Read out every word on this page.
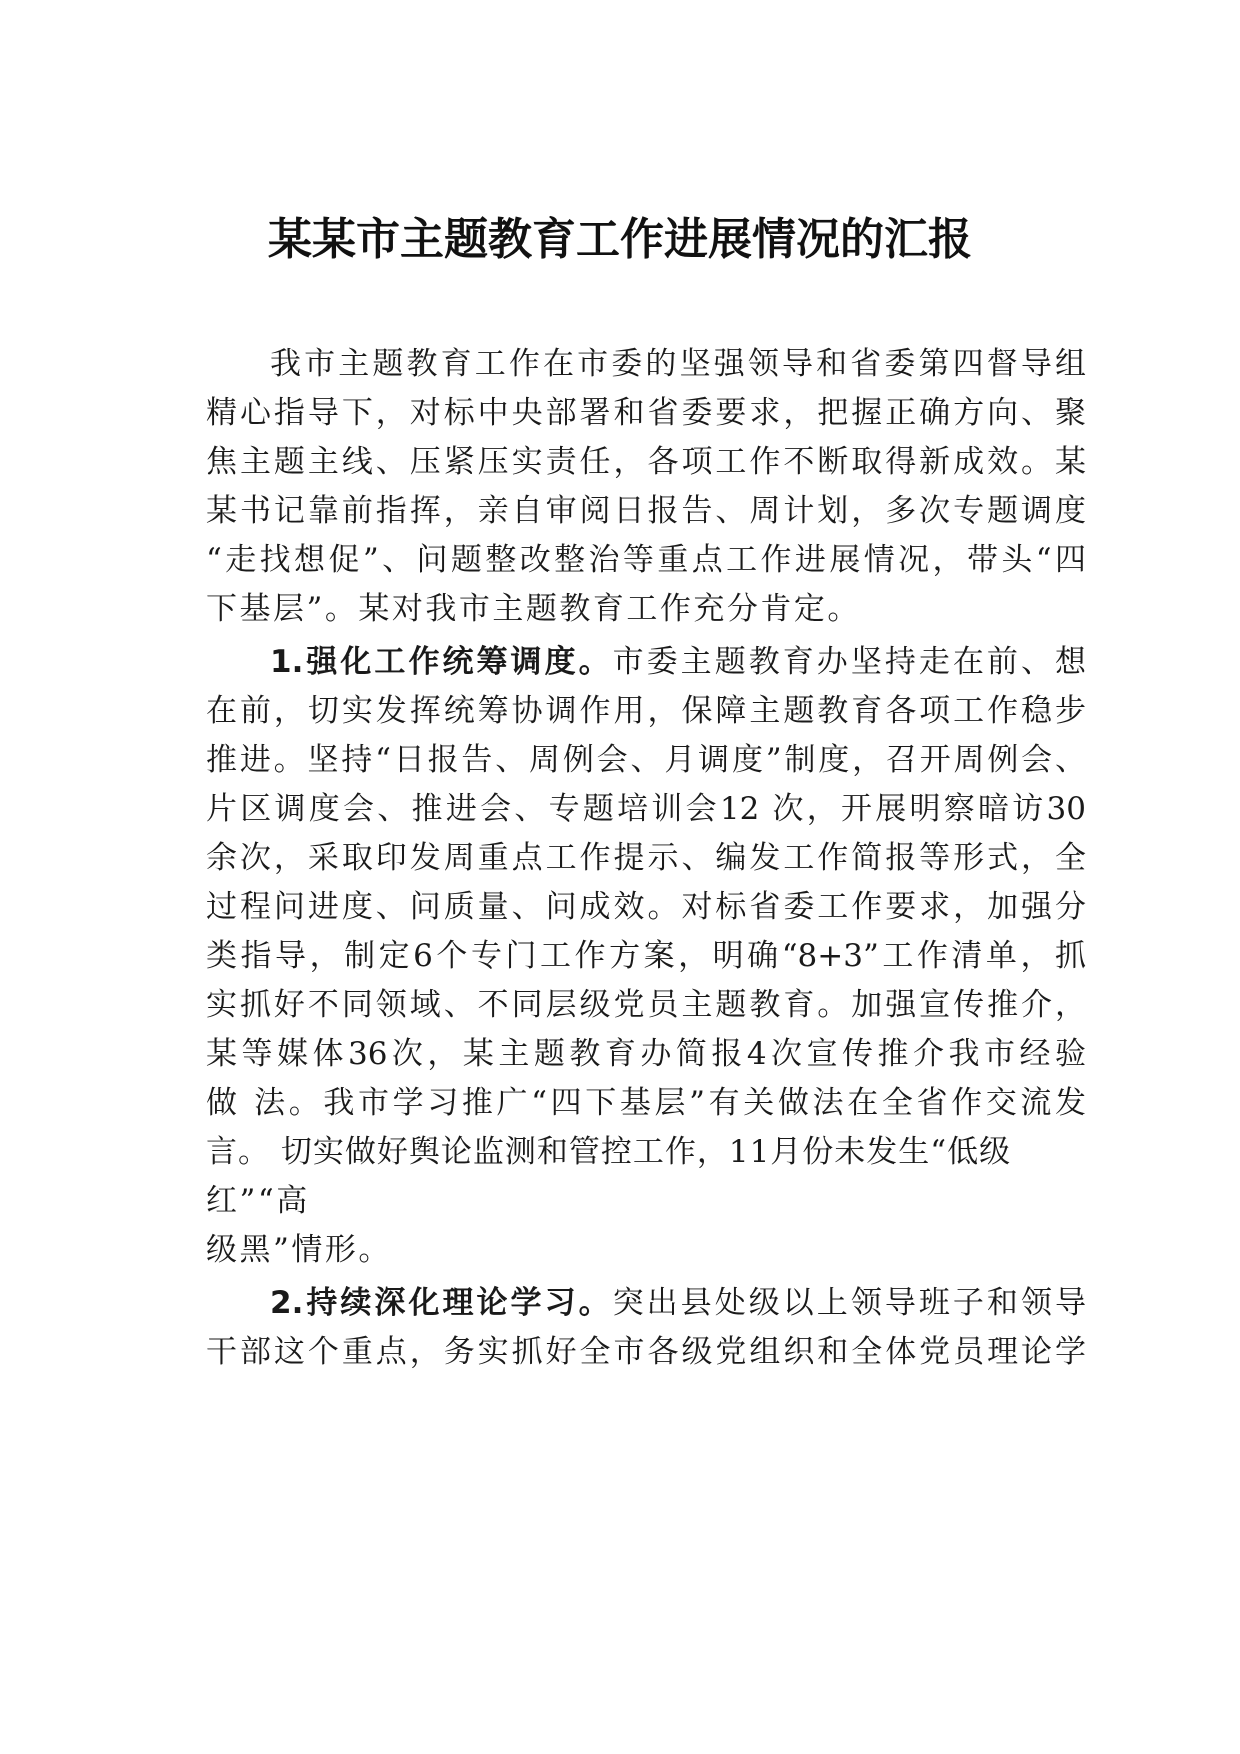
某某市主题教育工作进展情况的汇报
我市主题教育工作在市委的坚强领导和省委第四督导组
精心指导下，对标中央部署和省委要求，把握正确方向、聚
焦主题主线、压紧压实责任，各项工作不断取得新成效。某
某书记靠前指挥，亲自审阅日报告、周计划，多次专题调度
“走找想促”、问题整改整治等重点工作进展情况，带头“四
下基层”。某对我市主题教育工作充分肯定。
1.强化工作统筹调度。市委主题教育办坚持走在前、想
在前，切实发挥统筹协调作用，保障主题教育各项工作稳步
推进。坚持“日报告、周例会、月调度”制度，召开周例会、
片区调度会、推进会、专题培训会12 次，开展明察暗访30
余次，采取印发周重点工作提示、编发工作简报等形式，全
过程问进度、问质量、问成效。对标省委工作要求，加强分
类指导，制定6个专门工作方案，明确“8+3”工作清单，抓
实抓好不同领域、不同层级党员主题教育。加强宣传推介，
某等媒体36次，某主题教育办简报4次宣传推介我市经验
做 法。我市学习推广“四下基层”有关做法在全省作交流发
言。 切实做好舆论监测和管控工作，11月份未发生“低级
红”“高
级黑”情形。
2.持续深化理论学习。突出县处级以上领导班子和领导
干部这个重点，务实抓好全市各级党组织和全体党员理论学
